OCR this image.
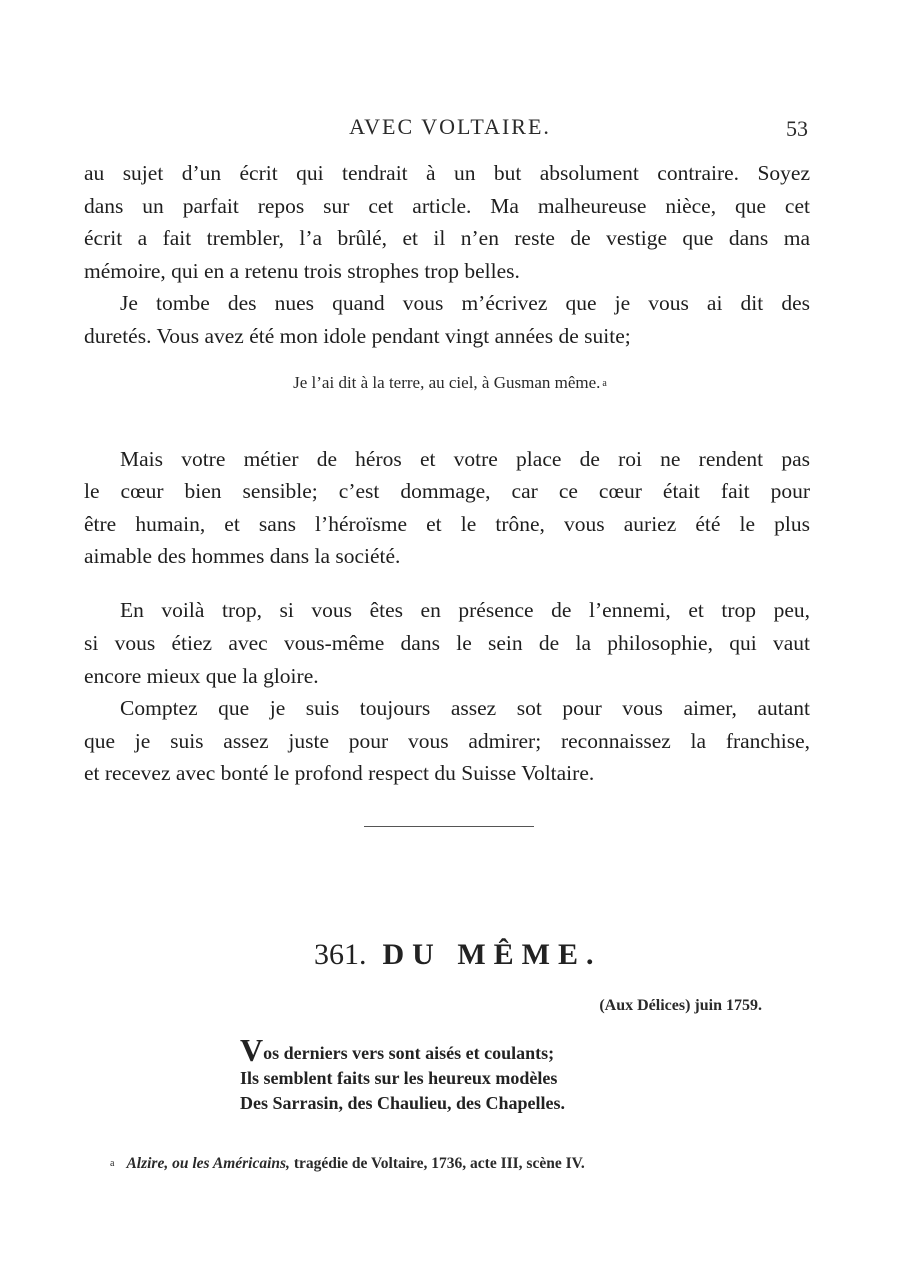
AVEC VOLTAIRE.	53

au sujet d’un écrit qui tendrait à un but absolument contraire. Soyez
dans un parfait repos sur cet article. Ma malheureuse nièce, que cet
écrit a fait trembler, l’a brûlé, et il n’en reste de vestige que dans ma
mémoire, qui en a retenu trois strophes trop belles.

Je tombe des nues quand vous m’écrivez que je vous ai dit des
duretés. Vous avez été mon idole pendant vingt années de suite;

Je l’ai dit à la terre, au ciel, à Gusman même. a

Mais votre métier de héros et votre place de roi ne rendent pas
le cœur bien sensible; c’est dommage, car ce cœur était fait pour
être humain, et sans l’héroïsme et le trône, vous auriez été le plus
aimable des hommes dans la société.

En voilà trop, si vous êtes en présence de l’ennemi, et trop peu,
si vous étiez avec vous-même dans le sein de la philosophie, qui vaut
encore mieux que la gloire.

Comptez que je suis toujours assez sot pour vous aimer, autant
que je suis assez juste pour vous admirer; reconnaissez la franchise,
et recevez avec bonté le profond respect du Suisse Voltaire.

361. DU MÊME.
(Aux Délices) juin 1759.
Vos derniers vers sont aisés et coulants;
Ils semblent faits sur les heureux modèles
Des Sarrasin, des Chaulieu, des Chapelles.
a Alzire, ou les Américains, tragédie de Voltaire, 1736, acte III, scène IV.
